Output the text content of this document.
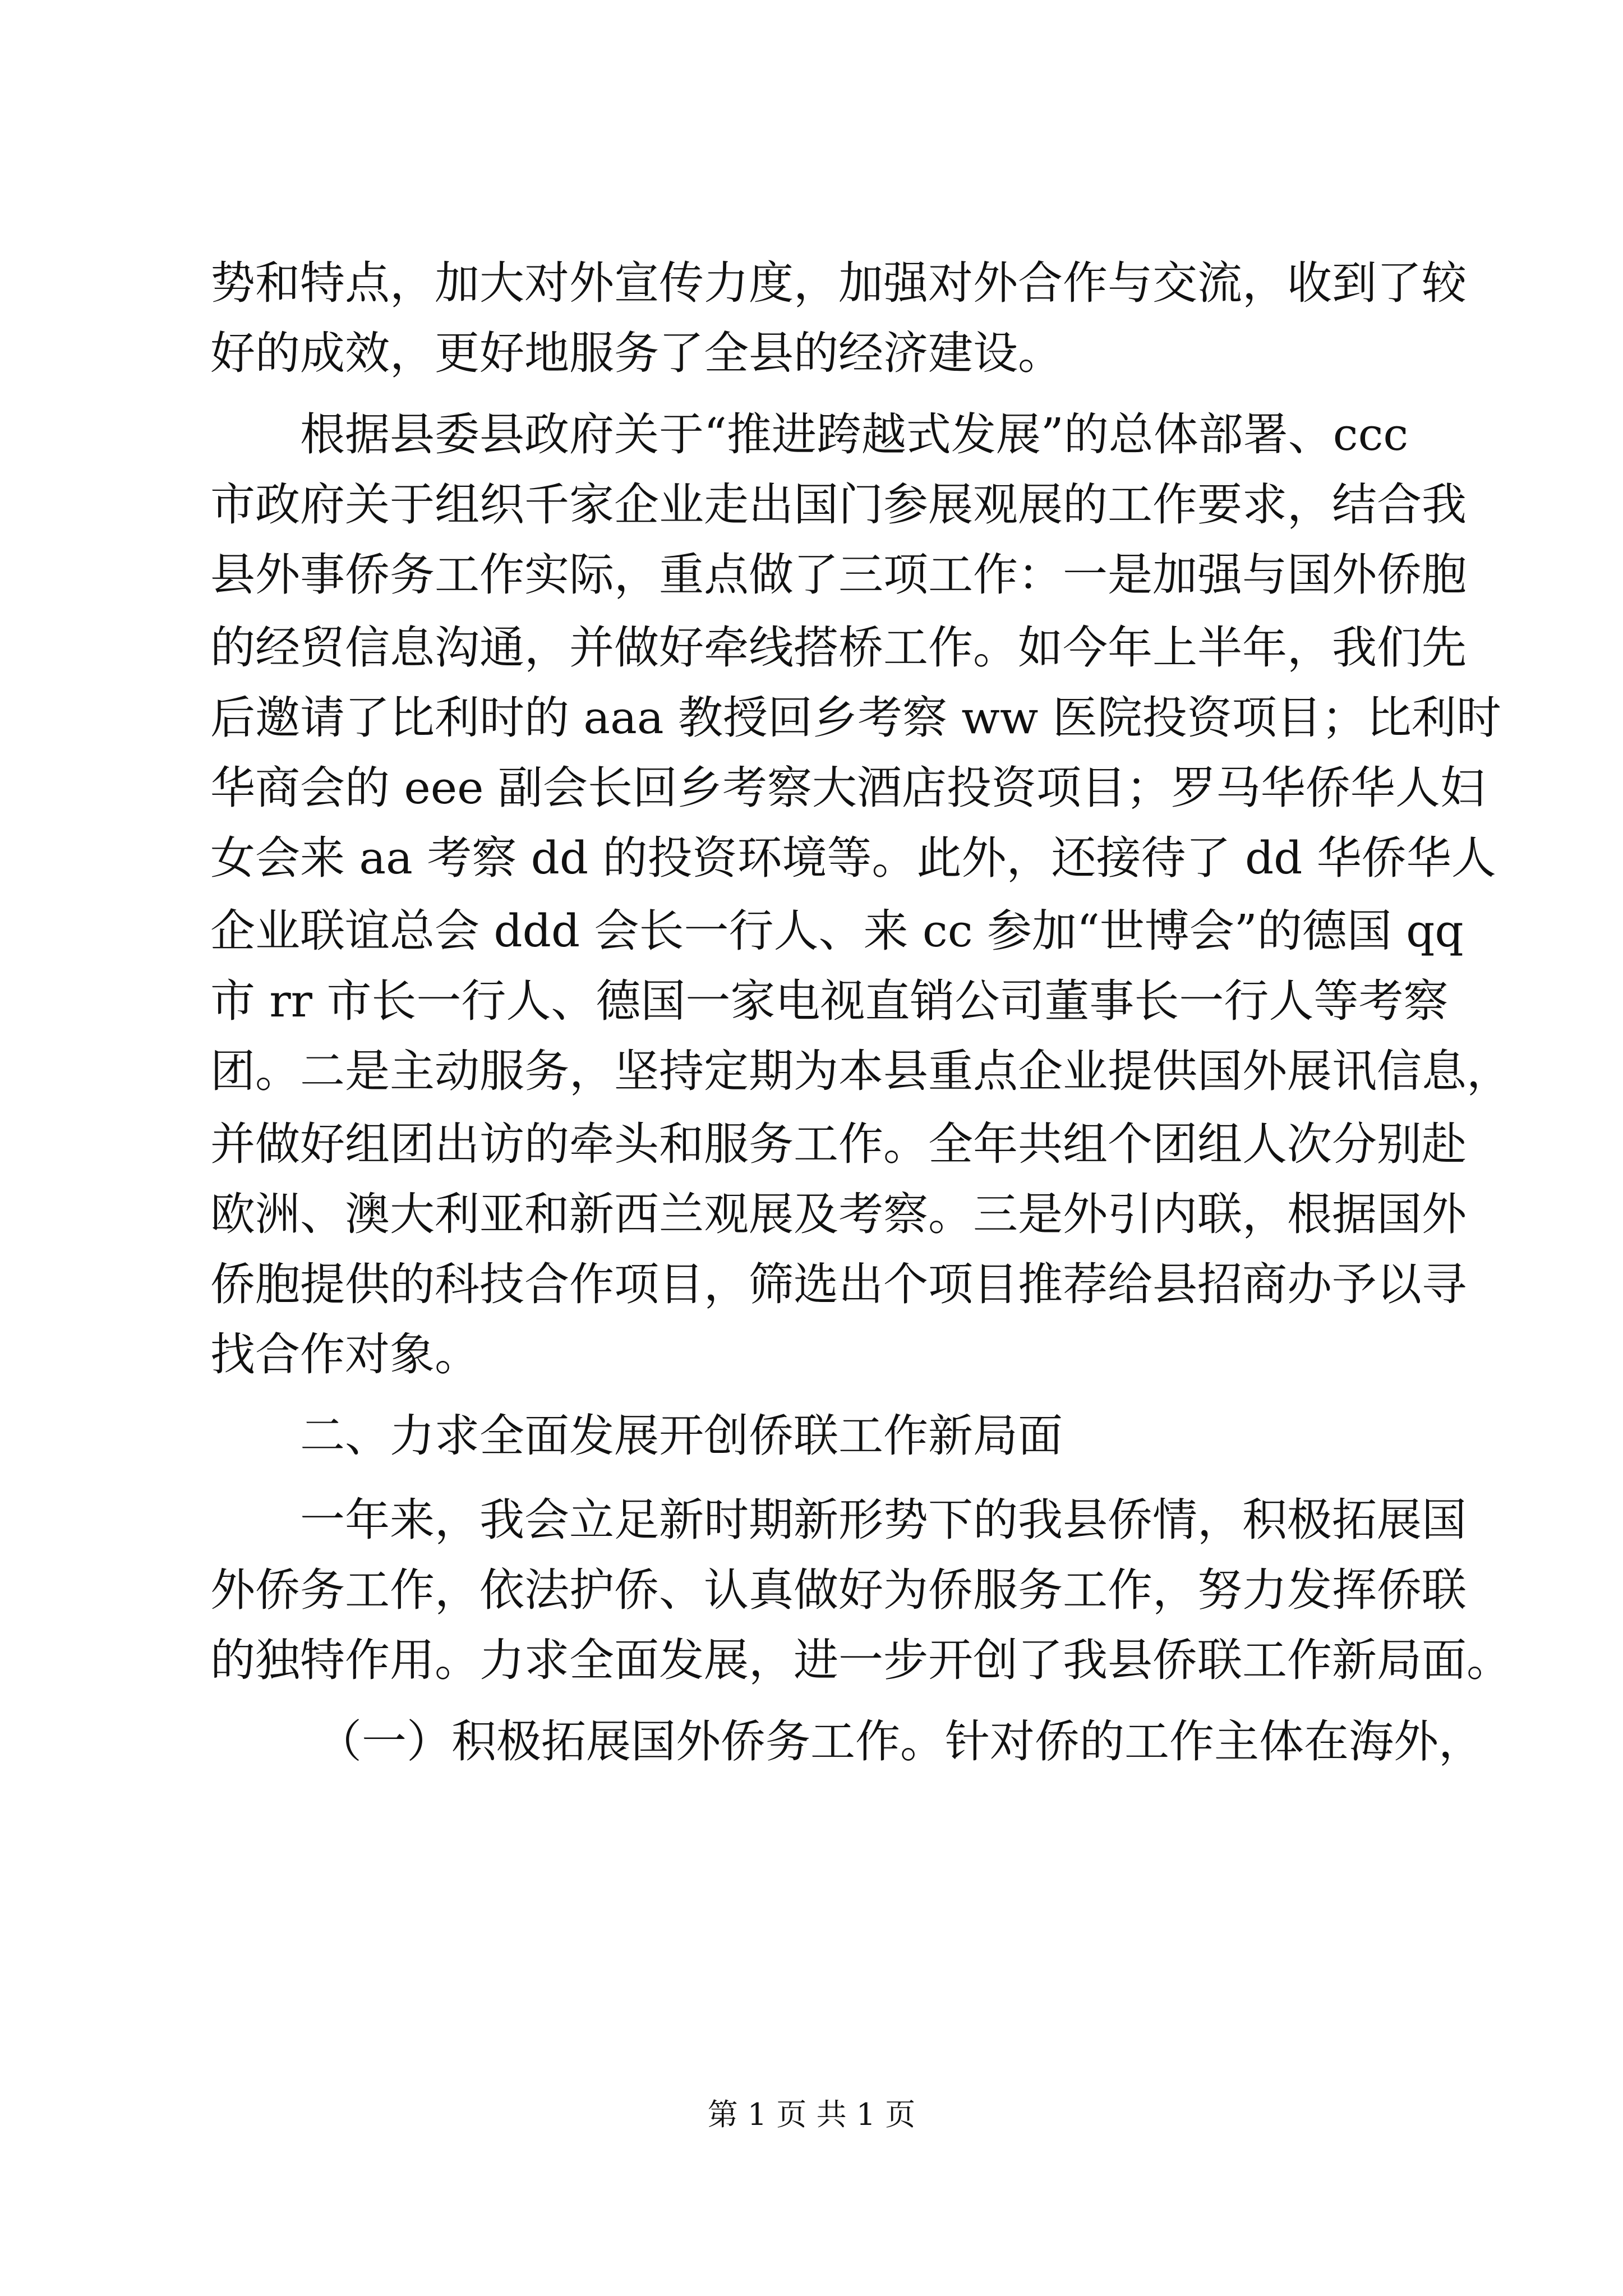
势和特点，加大对外宣传力度，加强对外合作与交流，收到了较
好的成效，更好地服务了全县的经济建设。
根据县委县政府关于“推进跨越式发展”的总体部署、ccc
市政府关于组织千家企业走出国门参展观展的工作要求，结合我
县外事侨务工作实际，重点做了三项工作：一是加强与国外侨胞
的经贸信息沟通，并做好牵线搭桥工作。如今年上半年，我们先
后邀请了比利时的 aaa 教授回乡考察 ww 医院投资项目；比利时
华商会的 eee 副会长回乡考察大酒店投资项目；罗马华侨华人妇
女会来 aa 考察 dd 的投资环境等。此外，还接待了 dd 华侨华人
企业联谊总会 ddd 会长一行人、来 cc 参加“世博会”的德国 qq
市 rr 市长一行人、德国一家电视直销公司董事长一行人等考察
团。二是主动服务，坚持定期为本县重点企业提供国外展讯信息，
并做好组团出访的牵头和服务工作。全年共组个团组人次分别赴
欧洲、澳大利亚和新西兰观展及考察。三是外引内联，根据国外
侨胞提供的科技合作项目，筛选出个项目推荐给县招商办予以寻
找合作对象。
二、力求全面发展开创侨联工作新局面
一年来，我会立足新时期新形势下的我县侨情，积极拓展国
外侨务工作，依法护侨、认真做好为侨服务工作，努力发挥侨联
的独特作用。力求全面发展，进一步开创了我县侨联工作新局面。
（一）积极拓展国外侨务工作。针对侨的工作主体在海外，
第 1 页 共 1 页
